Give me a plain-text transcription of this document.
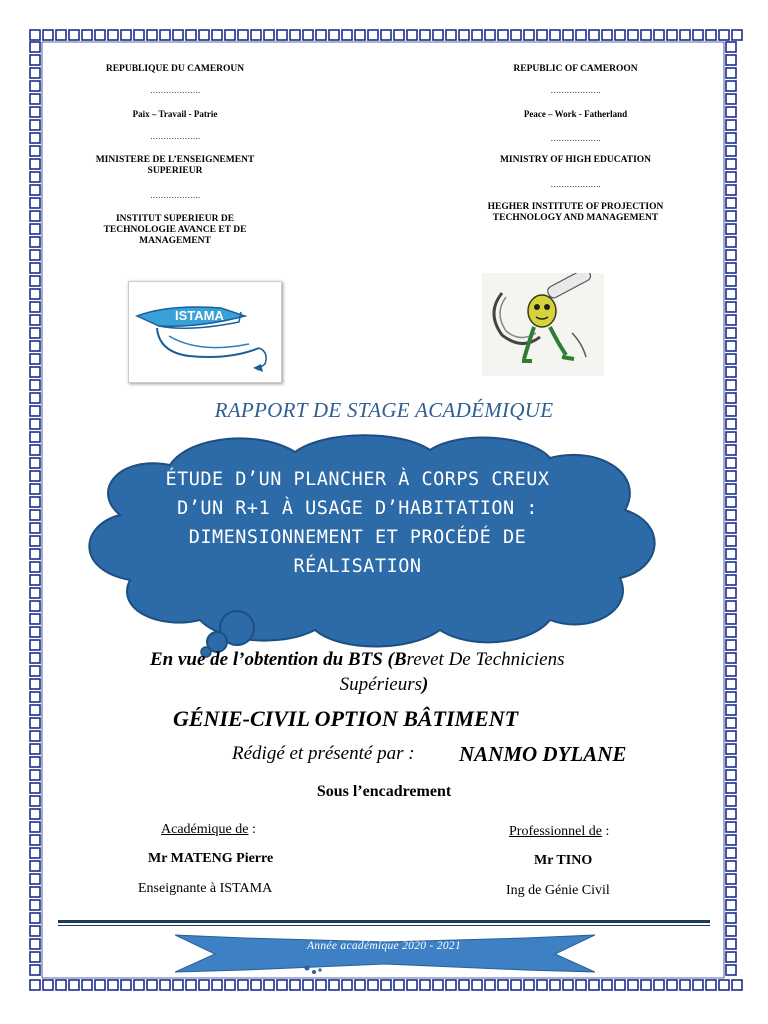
REPUBLIQUE DU CAMEROUN
……………….
Paix – Travail - Patrie
……………….
MINISTERE DE L’ENSEIGNEMENT SUPERIEUR
……………….
INSTITUT SUPERIEUR DE TECHNOLOGIE AVANCE ET DE MANAGEMENT
REPUBLIC OF CAMEROON
……………….
Peace – Work - Fatherland
……………….
MINISTRY OF HIGH EDUCATION
……………….
HEGHER INSTITUTE OF PROJECTION TECHNOLOGY AND MANAGEMENT
ISTAMA
RAPPORT DE STAGE ACADÉMIQUE
ÉTUDE D’UN PLANCHER À CORPS CREUX
D’UN R+1 À USAGE D’HABITATION :
DIMENSIONNEMENT ET PROCÉDÉ DE
RÉALISATION
En vue de l’obtention du BTS (Brevet De Techniciens
Supérieurs)
GÉNIE-CIVIL OPTION BÂTIMENT
Rédigé et présenté par : NANMO DYLANE
Sous l’encadrement
Académique de :
Mr MATENG Pierre
Enseignante à ISTAMA
Professionnel de :
Mr TINO
Ing de Génie Civil
Année académique 2020 - 2021
